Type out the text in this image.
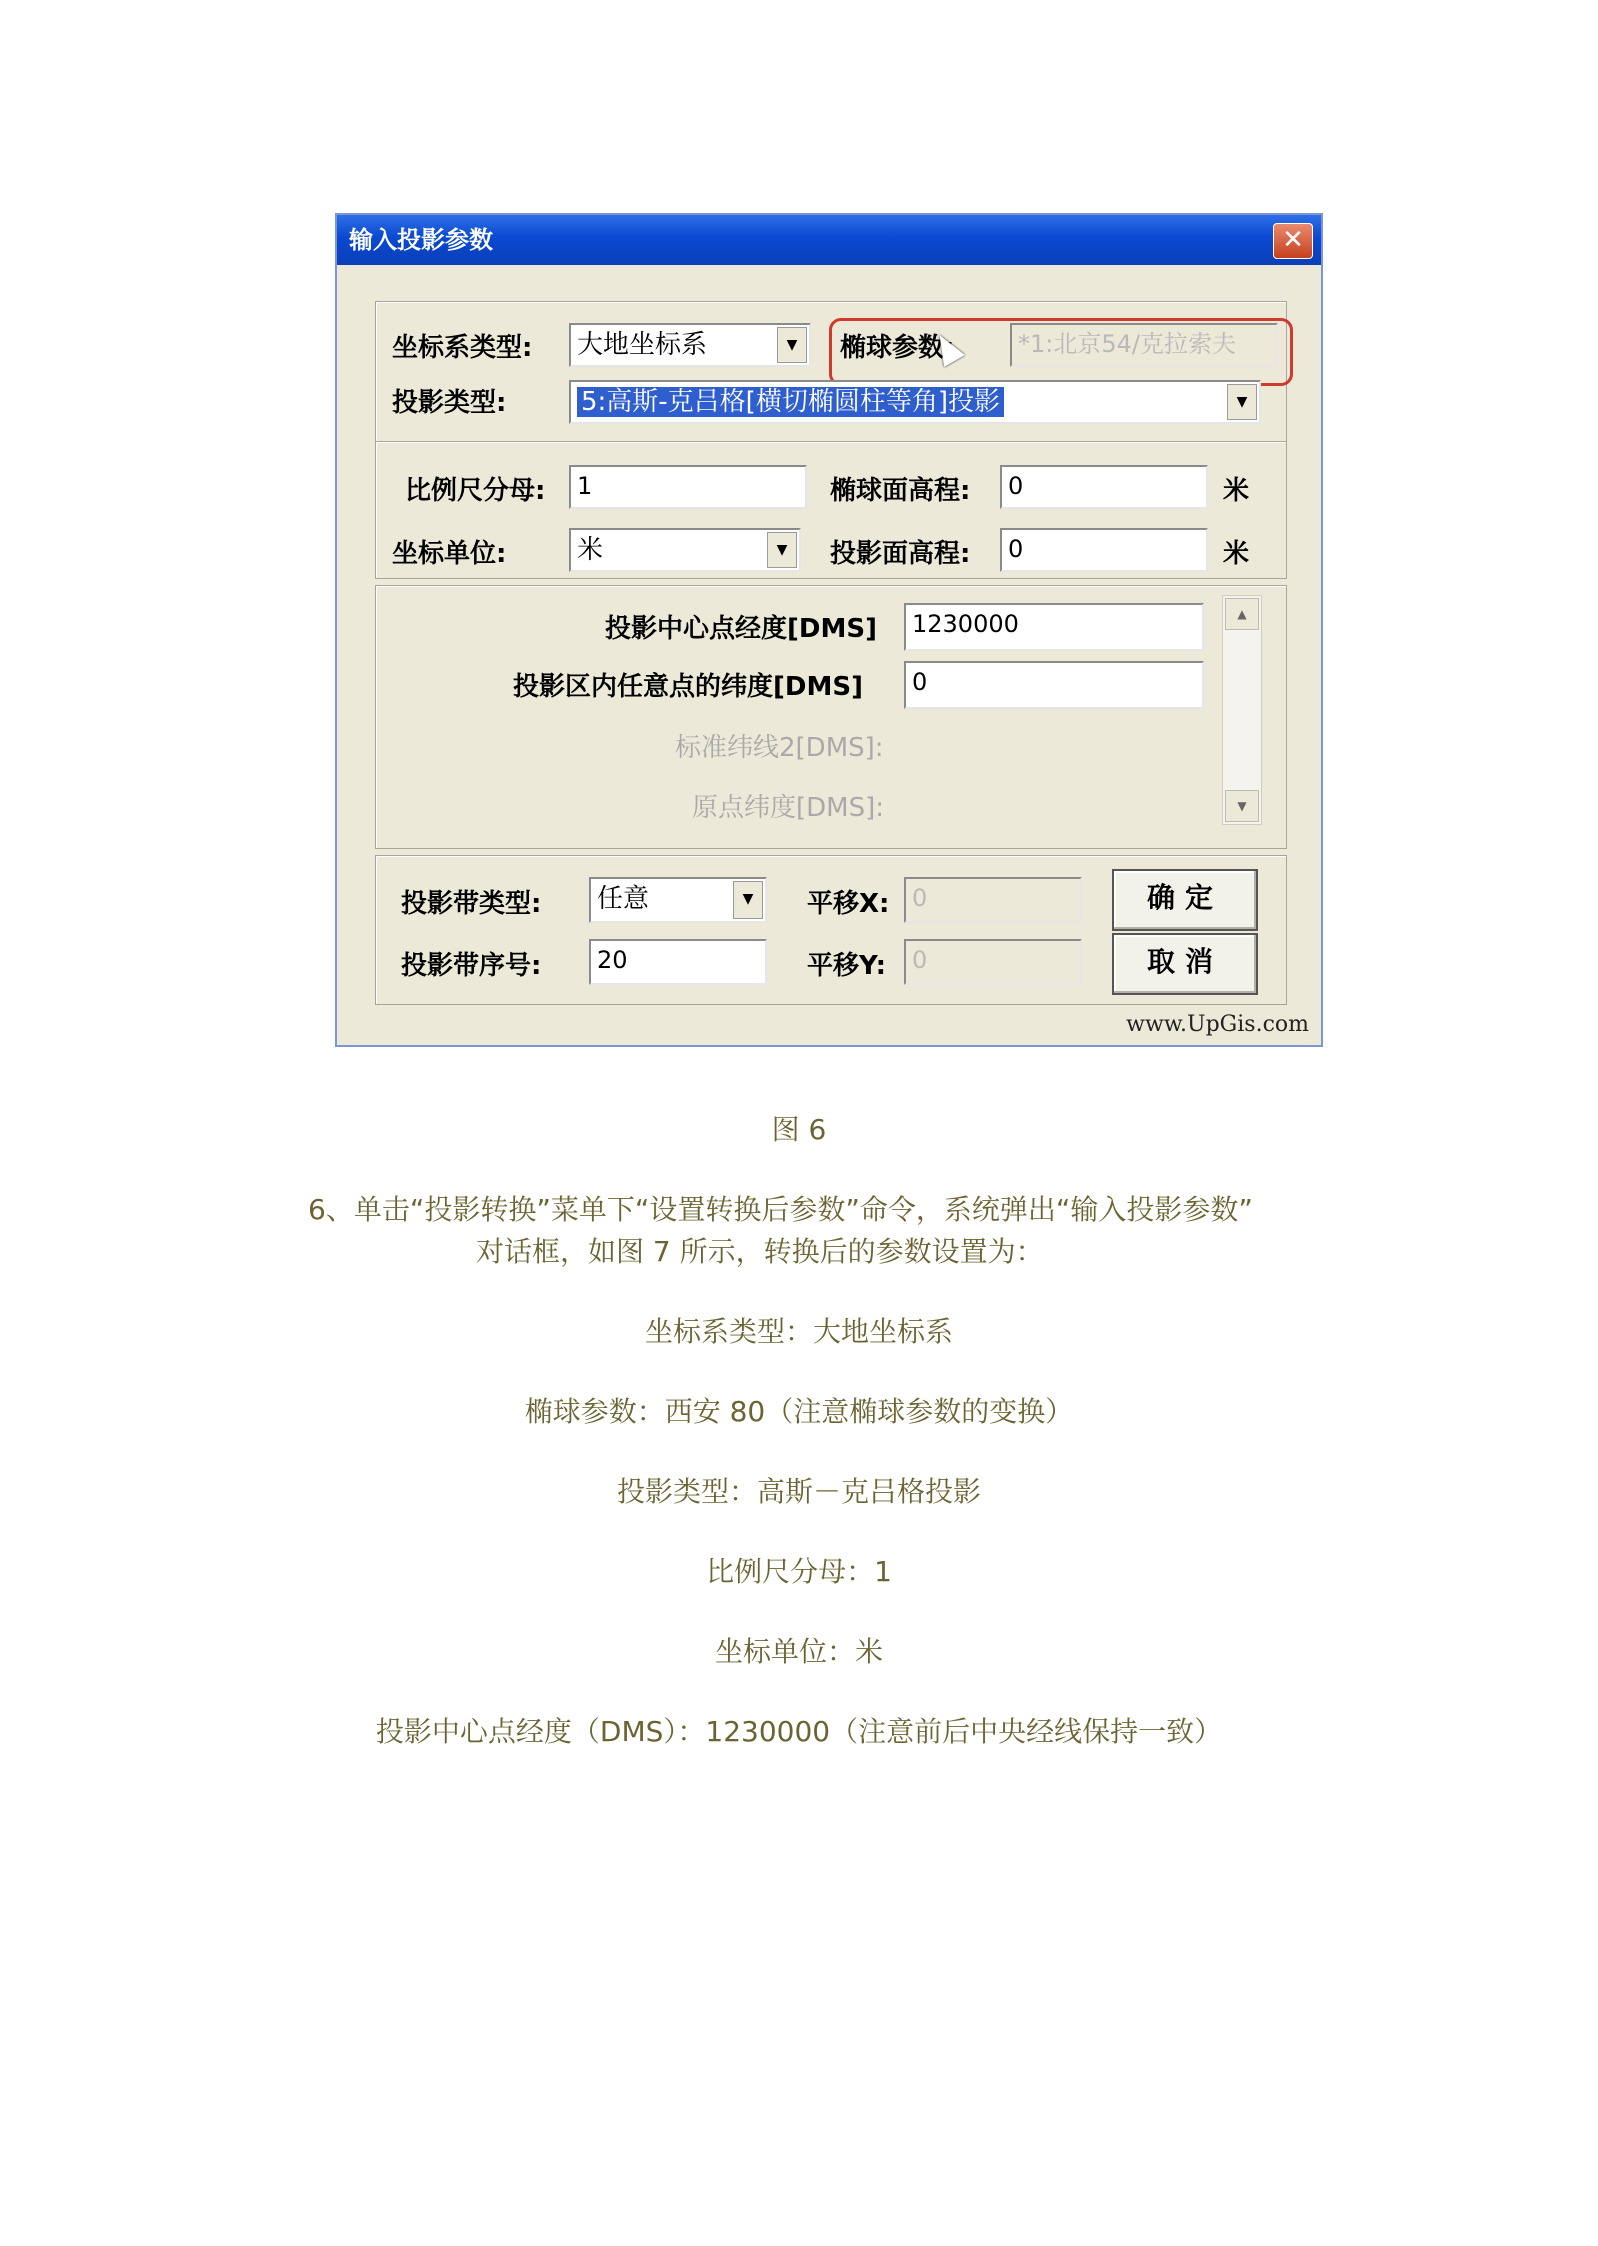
输入投影参数	✕
坐标系类型:	大地坐标系	▼	椭球参数:	*1:北京54/克拉索夫
投影类型:	5:高斯-克吕格[横切椭圆柱等角]投影	▼
比例尺分母:	1	椭球面高程:	0	米
坐标单位:	米	▼	投影面高程:	0	米
投影中心点经度[DMS]	1230000
投影区内任意点的纬度[DMS]	0
标准纬线2[DMS]:
原点纬度[DMS]:
▲
▼
投影带类型:	任意	▼	平移X: 0	确定
投影带序号:	20	平移Y:	0	取消
www.UpGis.com
图 6
6、单击“投影转换”菜单下“设置转换后参数”命令，系统弹出“输入投影参数”
对话框，如图 7 所示，转换后的参数设置为：
坐标系类型：大地坐标系
椭球参数：西安 80（注意椭球参数的变换）
投影类型：高斯－克吕格投影
比例尺分母：1
坐标单位：米
投影中心点经度（DMS）：1230000（注意前后中央经线保持一致）
